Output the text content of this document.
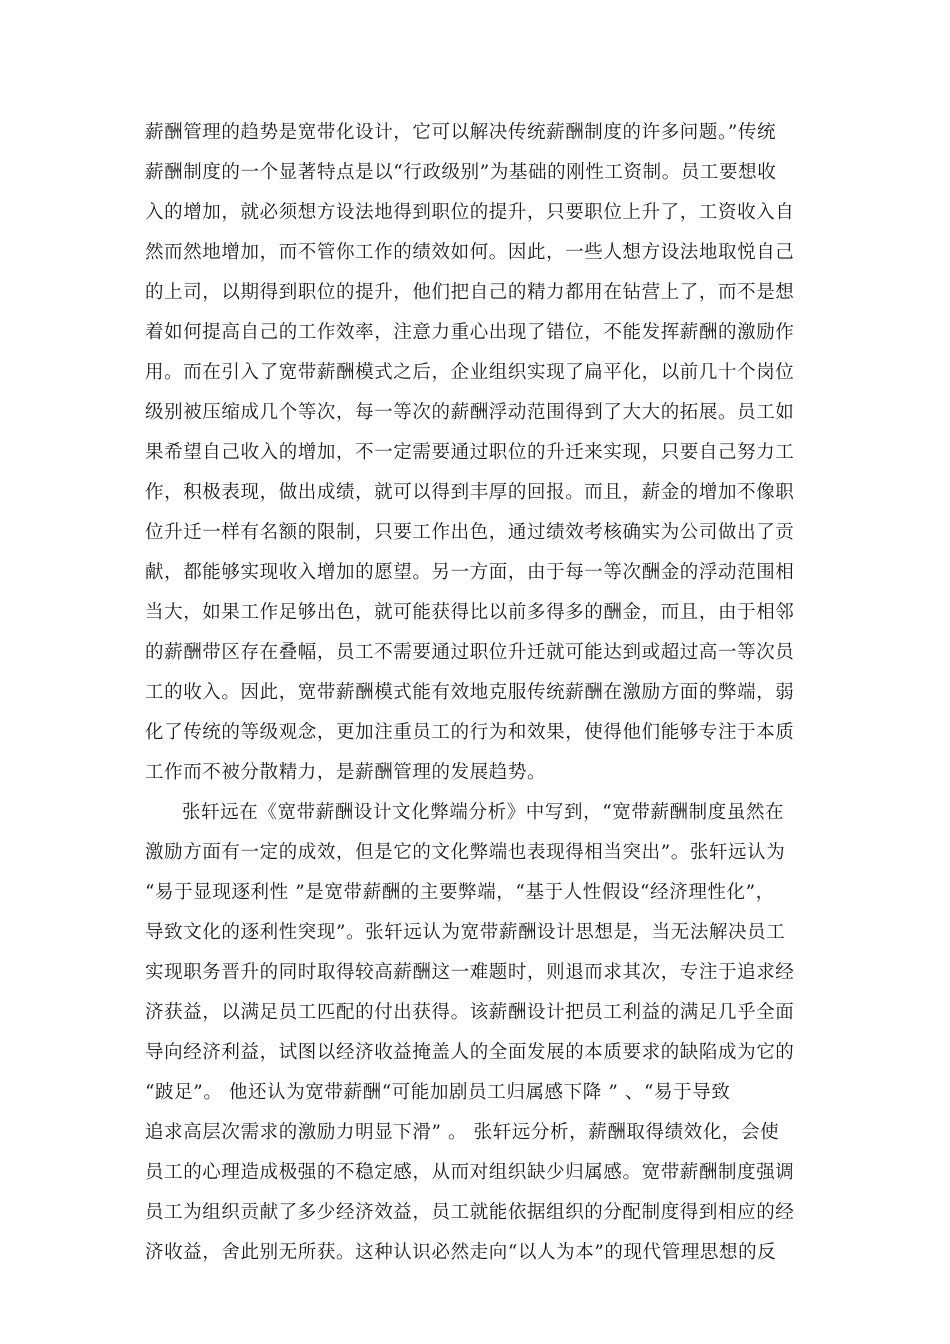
薪酬管理的趋势是宽带化设计，它可以解决传统薪酬制度的许多问题。”传统
薪酬制度的一个显著特点是以“行政级别”为基础的刚性工资制。员工要想收
入的增加，就必须想方设法地得到职位的提升，只要职位上升了，工资收入自
然而然地增加，而不管你工作的绩效如何。因此，一些人想方设法地取悦自己
的上司，以期得到职位的提升，他们把自己的精力都用在钻营上了，而不是想
着如何提高自己的工作效率，注意力重心出现了错位，不能发挥薪酬的激励作
用。而在引入了宽带薪酬模式之后，企业组织实现了扁平化，以前几十个岗位
级别被压缩成几个等次，每一等次的薪酬浮动范围得到了大大的拓展。员工如
果希望自己收入的增加，不一定需要通过职位的升迁来实现，只要自己努力工
作，积极表现，做出成绩，就可以得到丰厚的回报。而且，薪金的增加不像职
位升迁一样有名额的限制，只要工作出色，通过绩效考核确实为公司做出了贡
献，都能够实现收入增加的愿望。另一方面，由于每一等次酬金的浮动范围相
当大，如果工作足够出色，就可能获得比以前多得多的酬金，而且，由于相邻
的薪酬带区存在叠幅，员工不需要通过职位升迁就可能达到或超过高一等次员
工的收入。因此，宽带薪酬模式能有效地克服传统薪酬在激励方面的弊端，弱
化了传统的等级观念，更加注重员工的行为和效果，使得他们能够专注于本质
工作而不被分散精力，是薪酬管理的发展趋势。
张轩远在《宽带薪酬设计文化弊端分析》中写到，“宽带薪酬制度虽然在
激励方面有一定的成效，但是它的文化弊端也表现得相当突出”。张轩远认为
“易于显现逐利性 ”是宽带薪酬的主要弊端，“基于人性假设“经济理性化”，
导致文化的逐利性突现”。张轩远认为宽带薪酬设计思想是，当无法解决员工
实现职务晋升的同时取得较高薪酬这一难题时，则退而求其次，专注于追求经
济获益，以满足员工匹配的付出获得。该薪酬设计把员工利益的满足几乎全面
导向经济利益，试图以经济收益掩盖人的全面发展的本质要求的缺陷成为它的
“跛足”。 他还认为宽带薪酬“可能加剧员工归属感下降 ” 、“易于导致
追求高层次需求的激励力明显下滑” 。 张轩远分析，薪酬取得绩效化，会使
员工的心理造成极强的不稳定感，从而对组织缺少归属感。宽带薪酬制度强调
员工为组织贡献了多少经济效益，员工就能依据组织的分配制度得到相应的经
济收益，舍此别无所获。这种认识必然走向“以人为本”的现代管理思想的反
